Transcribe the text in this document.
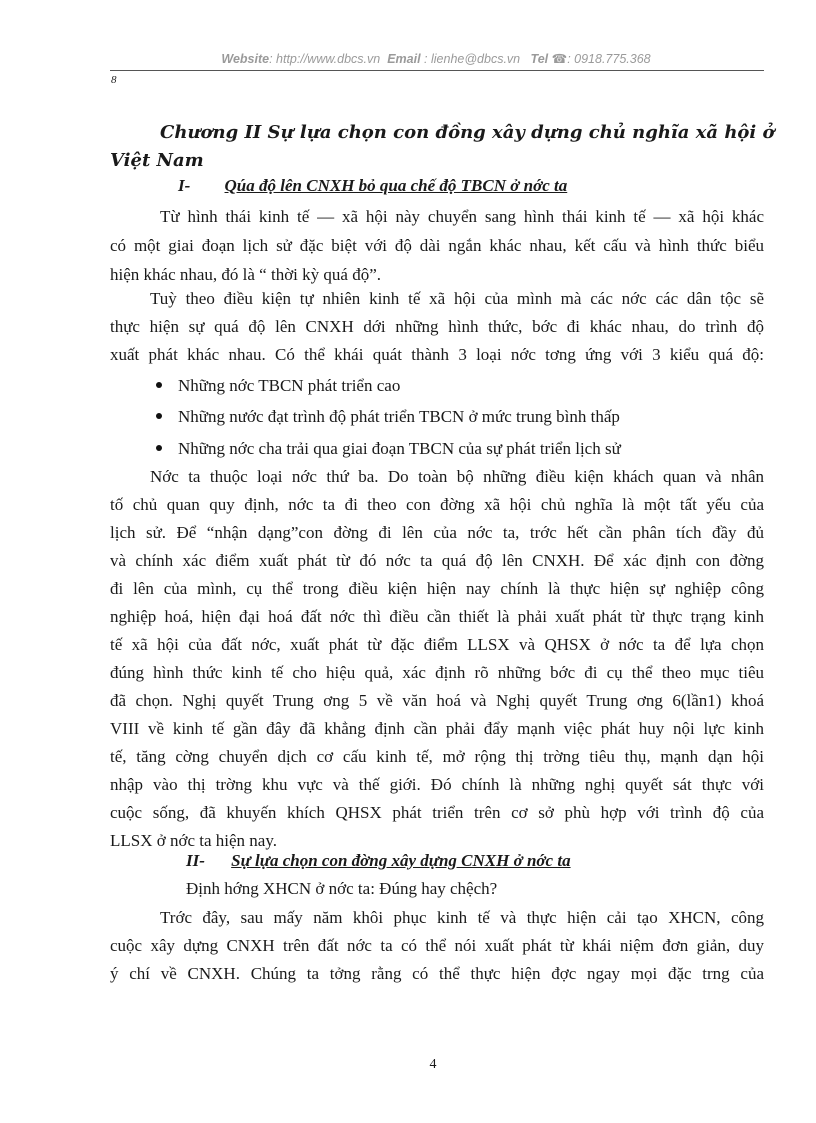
Website: http://www.dbcs.vn Email : lienhe@dbcs.vn Tel ☎: 0918.775.368
8
Chương II Sự lựa chọn con đồng xây dựng chủ nghĩa xã hội ở
Việt Nam
I- Qúa độ lên CNXH bỏ qua chế độ TBCN ở nớc ta
Từ hình thái kinh tế — xã hội này chuyển sang hình thái kinh tế — xã hội khác
có một giai đoạn lịch sử đặc biệt với độ dài ngắn khác nhau, kết cấu và hình thức biểu
hiện khác nhau, đó là “ thời kỳ quá độ”.
Tuỳ theo điều kiện tự nhiên kinh tế xã hội của mình mà các nớc các dân tộc sẽ
thực hiện sự quá độ lên CNXH dới những hình thức, bớc đi khác nhau, do trình độ
xuất phát khác nhau. Có thể khái quát thành 3 loại nớc tơng ứng với 3 kiểu quá độ:
Những nớc TBCN phát triển cao
Những nước đạt trình độ phát triển TBCN ở mức trung bình thấp
Những nớc cha trải qua giai đoạn TBCN của sự phát triển lịch sử
Nớc ta thuộc loại nớc thứ ba. Do toàn bộ những điều kiện khách quan và nhân
tố chủ quan quy định, nớc ta đi theo con đờng xã hội chủ nghĩa là một tất yếu của
lịch sử. Để “nhận dạng”con đờng đi lên của nớc ta, trớc hết cần phân tích đầy đủ
và chính xác điểm xuất phát từ đó nớc ta quá độ lên CNXH. Để xác định con đờng
đi lên của mình, cụ thể trong điều kiện hiện nay chính là thực hiện sự nghiệp công
nghiệp hoá, hiện đại hoá đất nớc thì điều cần thiết là phải xuất phát từ thực trạng kinh
tế xã hội của đất nớc, xuất phát từ đặc điểm LLSX và QHSX ở nớc ta để lựa chọn
đúng hình thức kinh tế cho hiệu quả, xác định rõ những bớc đi cụ thể theo mục tiêu
đã chọn. Nghị quyết Trung ơng 5 về văn hoá và Nghị quyết Trung ơng 6(lần1) khoá
VIII về kinh tế gần đây đã khẳng định cần phải đẩy mạnh việc phát huy nội lực kinh
tế, tăng cờng chuyển dịch cơ cấu kinh tế, mở rộng thị trờng tiêu thụ, mạnh dạn hội
nhập vào thị trờng khu vực và thế giới. Đó chính là những nghị quyết sát thực với
cuộc sống, đã khuyến khích QHSX phát triển trên cơ sở phù hợp với trình độ của
LLSX ở nớc ta hiện nay.
II- Sự lựa chọn con đờng xây dựng CNXH ở nớc ta
Định hớng XHCN ở nớc ta: Đúng hay chệch?
Trớc đây, sau mấy năm khôi phục kinh tế và thực hiện cải tạo XHCN, công
cuộc xây dựng CNXH trên đất nớc ta có thể nói xuất phát từ khái niệm đơn giản, duy
ý chí về CNXH. Chúng ta tởng rằng có thể thực hiện đợc ngay mọi đặc trng của
4
